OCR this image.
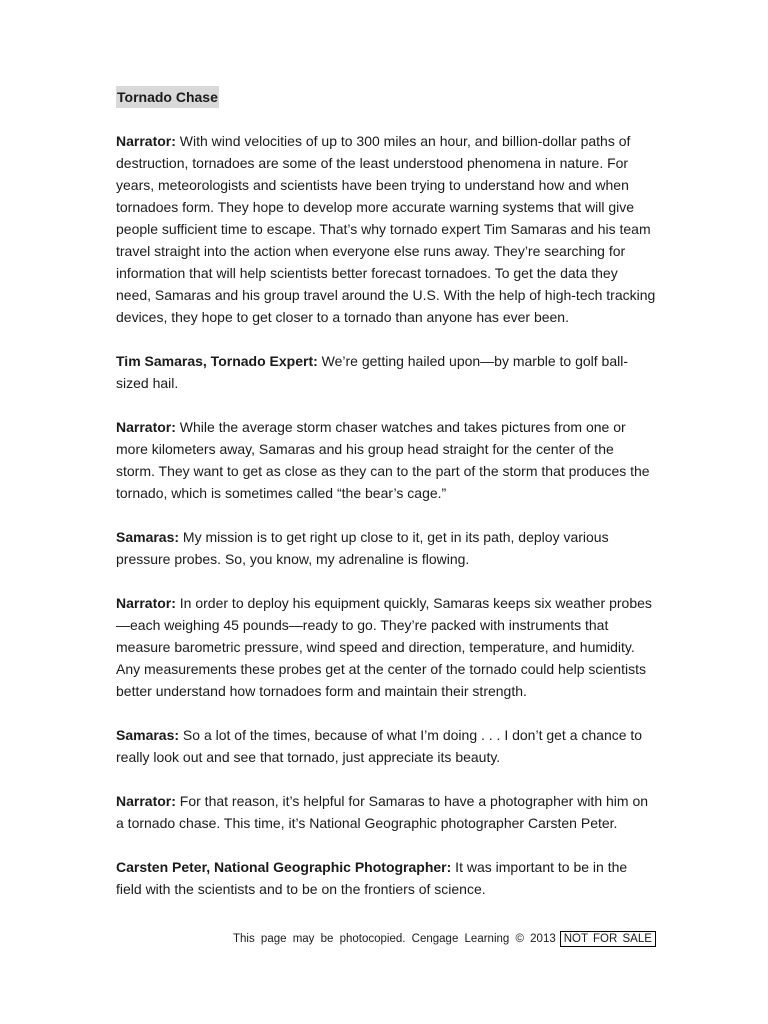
Tornado Chase

Narrator: With wind velocities of up to 300 miles an hour, and billion-dollar paths of destruction, tornadoes are some of the least understood phenomena in nature. For years, meteorologists and scientists have been trying to understand how and when tornadoes form. They hope to develop more accurate warning systems that will give people sufficient time to escape. That’s why tornado expert Tim Samaras and his team travel straight into the action when everyone else runs away. They’re searching for information that will help scientists better forecast tornadoes. To get the data they need, Samaras and his group travel around the U.S. With the help of high-tech tracking devices, they hope to get closer to a tornado than anyone has ever been.

Tim Samaras, Tornado Expert: We’re getting hailed upon—by marble to golf ball-sized hail.

Narrator: While the average storm chaser watches and takes pictures from one or more kilometers away, Samaras and his group head straight for the center of the storm. They want to get as close as they can to the part of the storm that produces the tornado, which is sometimes called “the bear’s cage.”

Samaras: My mission is to get right up close to it, get in its path, deploy various pressure probes. So, you know, my adrenaline is flowing.

Narrator: In order to deploy his equipment quickly, Samaras keeps six weather probes—each weighing 45 pounds—ready to go. They’re packed with instruments that measure barometric pressure, wind speed and direction, temperature, and humidity. Any measurements these probes get at the center of the tornado could help scientists better understand how tornadoes form and maintain their strength.

Samaras: So a lot of the times, because of what I’m doing . . . I don’t get a chance to really look out and see that tornado, just appreciate its beauty.

Narrator: For that reason, it’s helpful for Samaras to have a photographer with him on a tornado chase. This time, it’s National Geographic photographer Carsten Peter.

Carsten Peter, National Geographic Photographer: It was important to be in the field with the scientists and to be on the frontiers of science.

This page may be photocopied. Cengage Learning © 2013 NOT FOR SALE
